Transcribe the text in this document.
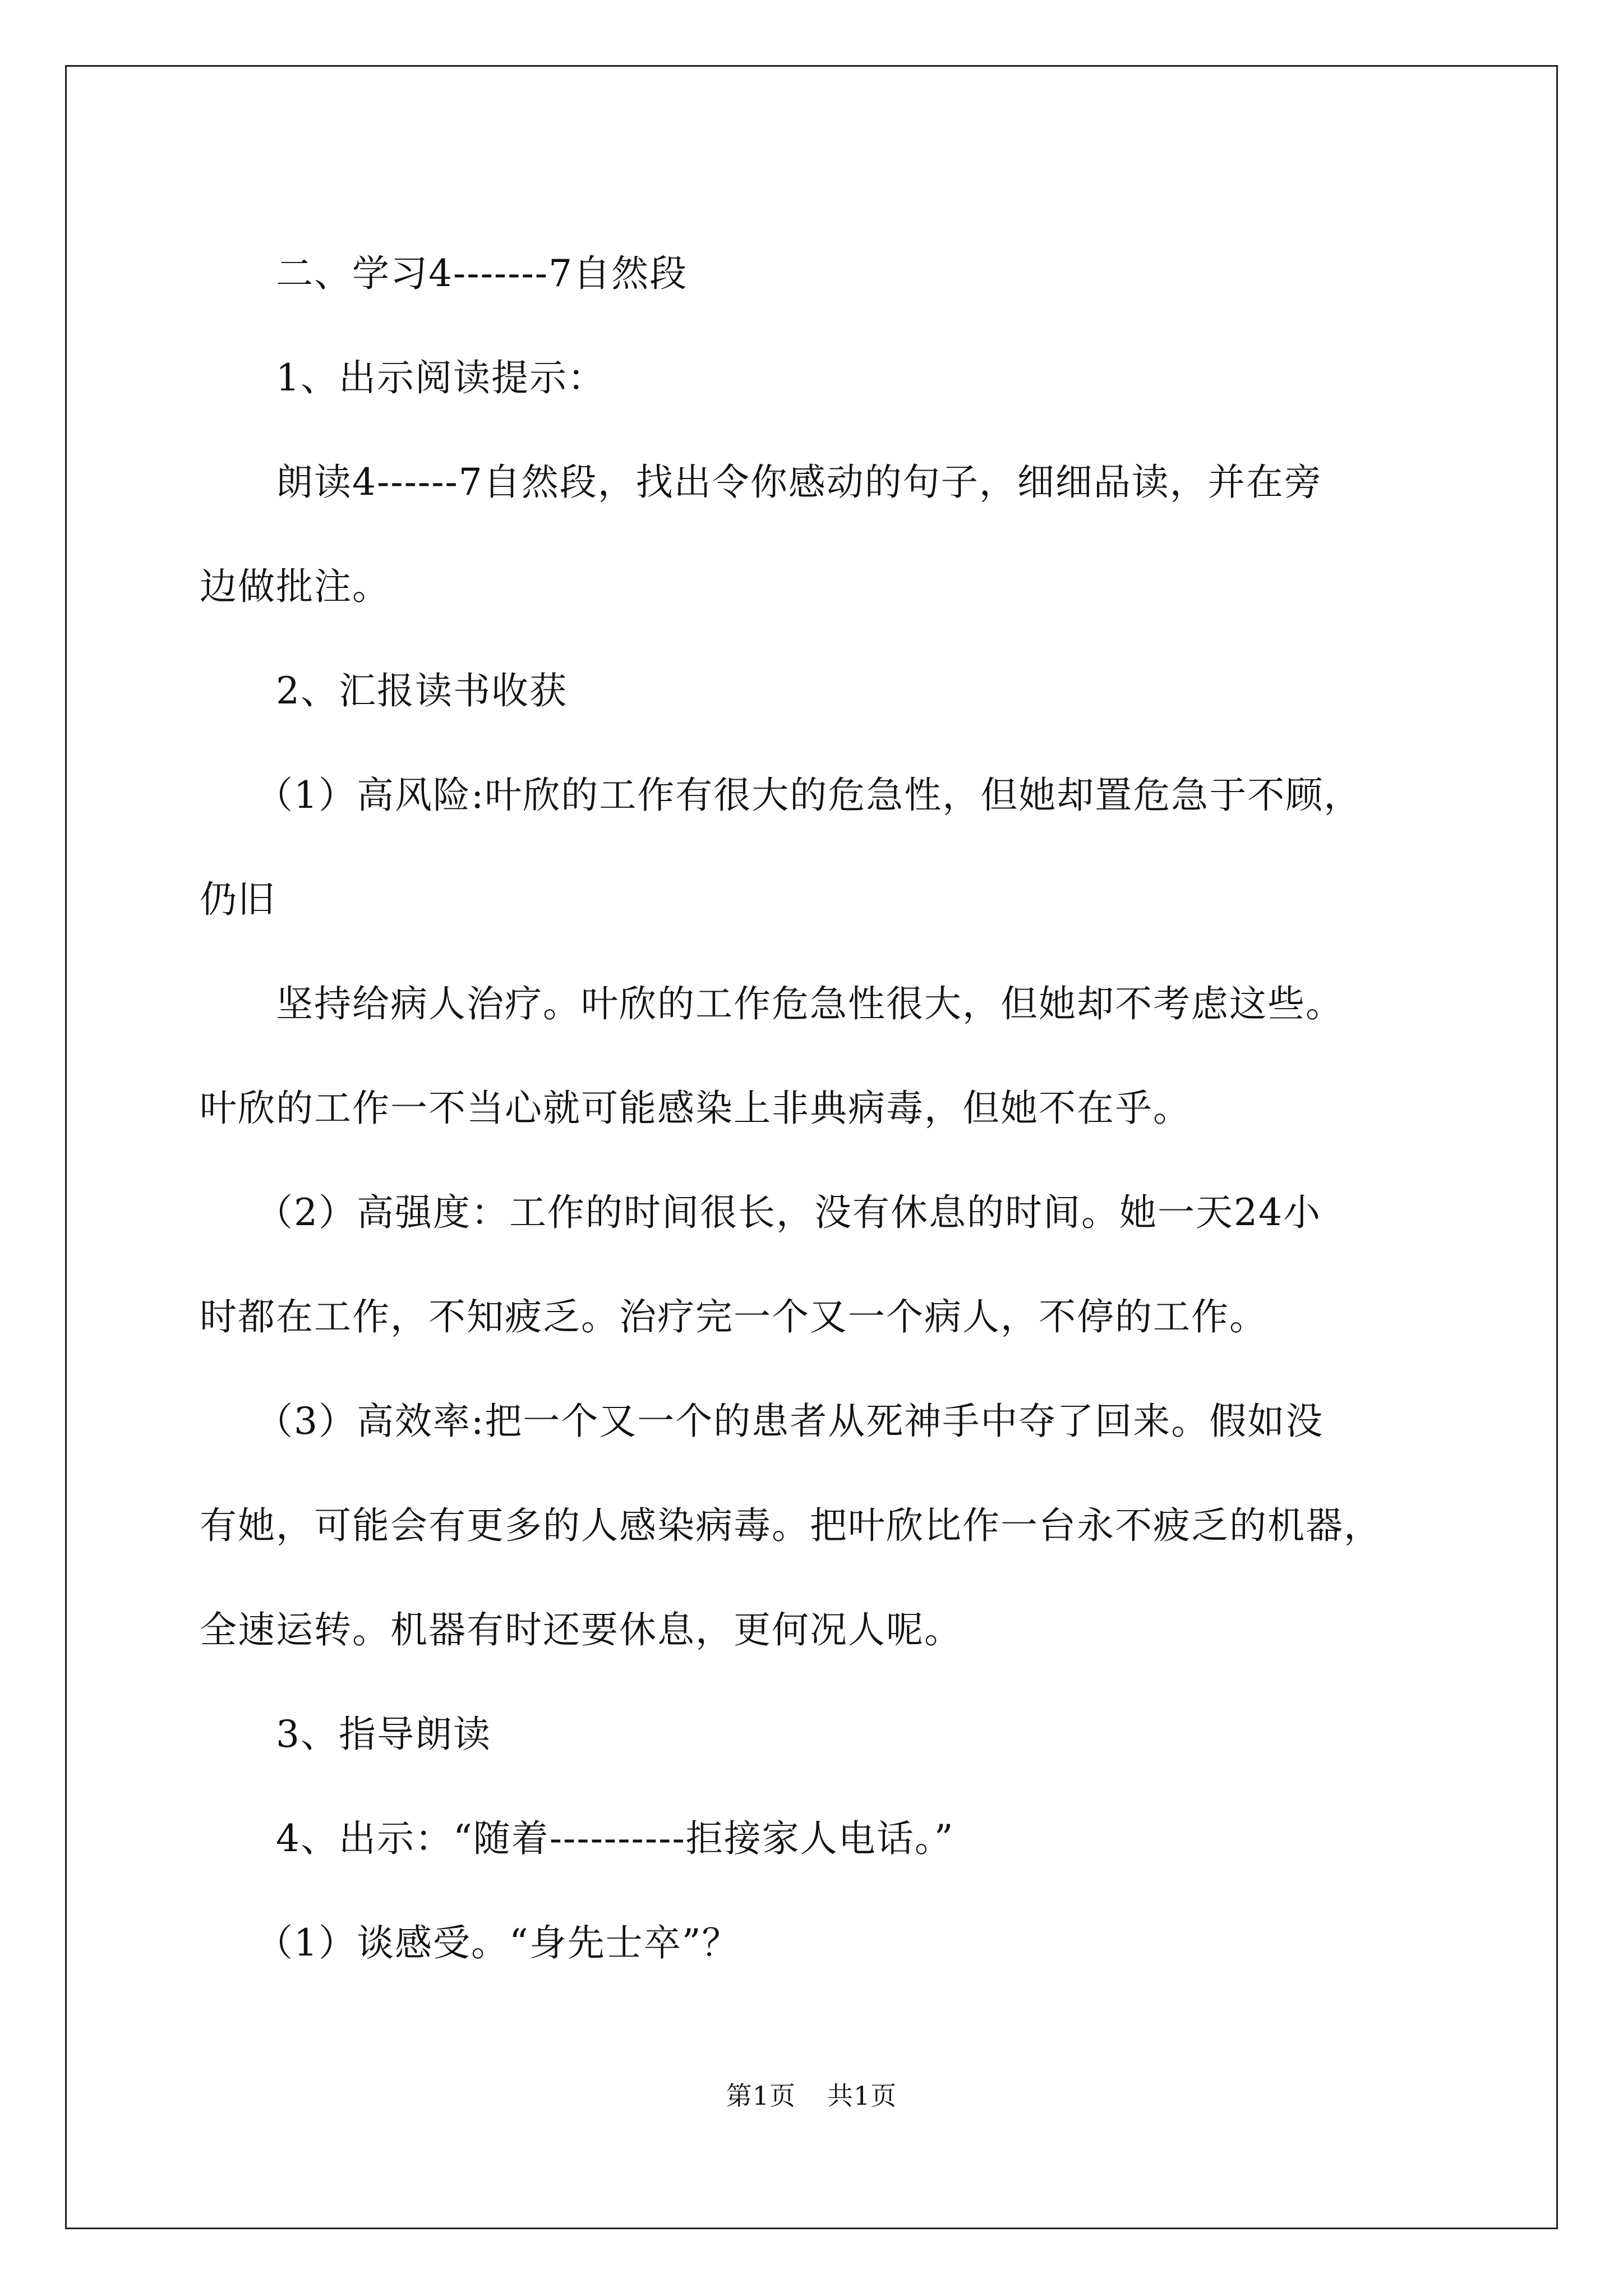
二、学习4-------7自然段

1、出示阅读提示：

朗读4------7自然段，找出令你感动的句子，细细品读，并在旁

边做批注。

2、汇报读书收获

（1）高风险:叶欣的工作有很大的危急性，但她却置危急于不顾，

仍旧

坚持给病人治疗。叶欣的工作危急性很大，但她却不考虑这些。

叶欣的工作一不当心就可能感染上非典病毒，但她不在乎。

（2）高强度：工作的时间很长，没有休息的时间。她一天24小

时都在工作，不知疲乏。治疗完一个又一个病人，不停的工作。

（3）高效率:把一个又一个的患者从死神手中夺了回来。假如没

有她，可能会有更多的人感染病毒。把叶欣比作一台永不疲乏的机器，

全速运转。机器有时还要休息，更何况人呢。

3、指导朗读

4、出示：“随着----------拒接家人电话。”

（1）谈感受。“身先士卒”？

第1页 共1页
